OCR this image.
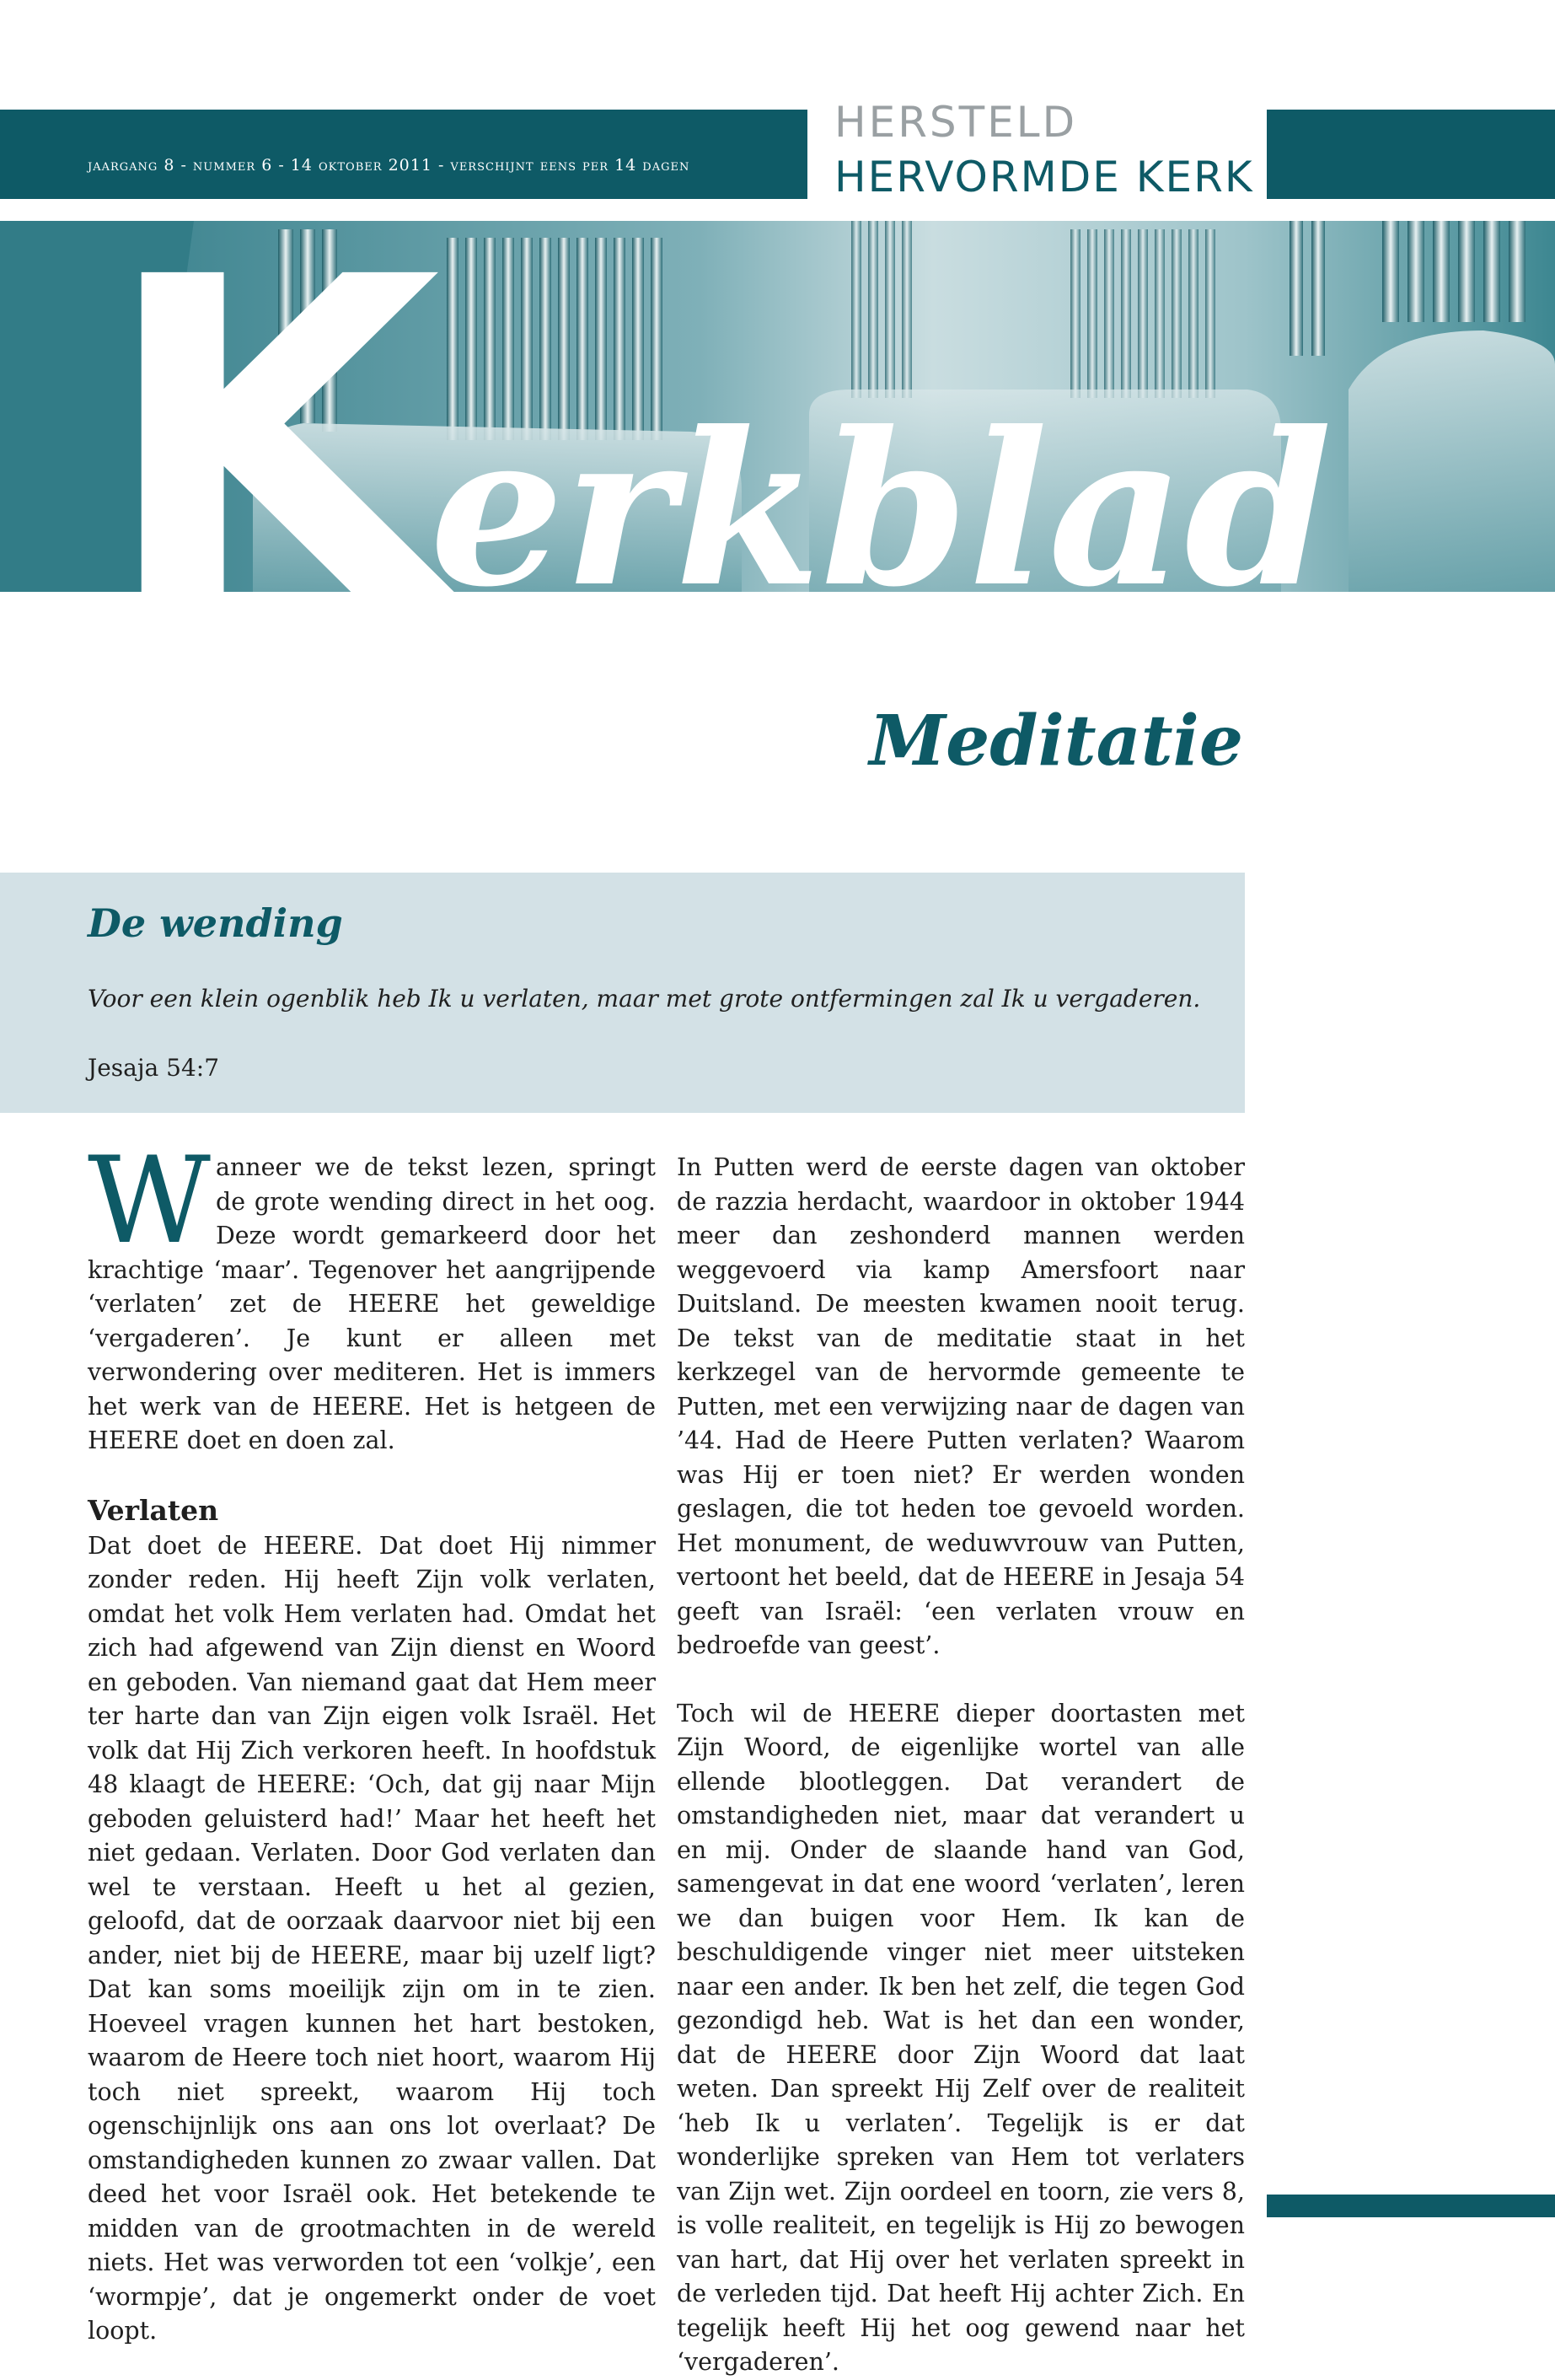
jaargang 8 - nummer 6 - 14 oktober 2011 - verschijnt eens per 14 dagen
HERSTELD
HERVORMDE KERK
K
erkblad
Meditatie
De wending
Voor een klein ogenblik heb Ik u verlaten, maar met grote ontfermingen zal Ik u vergaderen.
Jesaja 54:7

Wanneer we de tekst lezen, springt de grote wending direct in het oog. Deze wordt gemarkeerd door het krachtige ‘maar’. Tegenover het aangrijpende ‘verlaten’ zet de HEERE het geweldige ‘vergaderen’. Je kunt er alleen met verwondering over mediteren. Het is immers het werk van de HEERE. Het is hetgeen de HEERE doet en doen zal.

Verlaten

Dat doet de HEERE. Dat doet Hij nimmer zonder reden. Hij heeft Zijn volk verlaten, omdat het volk Hem verlaten had. Omdat het zich had afgewend van Zijn dienst en Woord en geboden. Van niemand gaat dat Hem meer ter harte dan van Zijn eigen volk Israël. Het volk dat Hij Zich verkoren heeft. In hoofdstuk 48 klaagt de HEERE: ‘Och, dat gij naar Mijn geboden geluisterd had!’ Maar het heeft het niet gedaan. Verlaten. Door God verlaten dan wel te verstaan. Heeft u het al gezien, geloofd, dat de oorzaak daarvoor niet bij een ander, niet bij de HEERE, maar bij uzelf ligt? Dat kan soms moeilijk zijn om in te zien. Hoeveel vragen kunnen het hart bestoken, waarom de Heere toch niet hoort, waarom Hij toch niet spreekt, waarom Hij toch ogenschijnlijk ons aan ons lot overlaat? De omstandigheden kunnen zo zwaar vallen. Dat deed het voor Israël ook. Het betekende te midden van de grootmachten in de wereld niets. Het was verworden tot een ‘volkje’, een ‘wormpje’, dat je ongemerkt onder de voet loopt.

In Putten werd de eerste dagen van oktober de razzia herdacht, waardoor in oktober 1944 meer dan zeshonderd mannen werden weggevoerd via kamp Amersfoort naar Duitsland. De meesten kwamen nooit terug. De tekst van de meditatie staat in het kerkzegel van de hervormde gemeente te Putten, met een verwijzing naar de dagen van ’44. Had de Heere Putten verlaten? Waarom was Hij er toen niet? Er werden wonden geslagen, die tot heden toe gevoeld worden. Het monument, de weduwvrouw van Putten, vertoont het beeld, dat de HEERE in Jesaja 54 geeft van Israël: ‘een verlaten vrouw en bedroefde van geest’.

Toch wil de HEERE dieper doortasten met Zijn Woord, de eigenlijke wortel van alle ellende blootleggen. Dat verandert de omstandigheden niet, maar dat verandert u en mij. Onder de slaande hand van God, samengevat in dat ene woord ‘verlaten’, leren we dan buigen voor Hem. Ik kan de beschuldigende vinger niet meer uitsteken naar een ander. Ik ben het zelf, die tegen God gezondigd heb. Wat is het dan een wonder, dat de HEERE door Zijn Woord dat laat weten. Dan spreekt Hij Zelf over de realiteit ‘heb Ik u verlaten’. Tegelijk is er dat wonderlijke spreken van Hem tot verlaters van Zijn wet. Zijn oordeel en toorn, zie vers 8, is volle realiteit, en tegelijk is Hij zo bewogen van hart, dat Hij over het verlaten spreekt in de verleden tijd. Dat heeft Hij achter Zich. En tegelijk heeft Hij het oog gewend naar het ‘vergaderen’.
